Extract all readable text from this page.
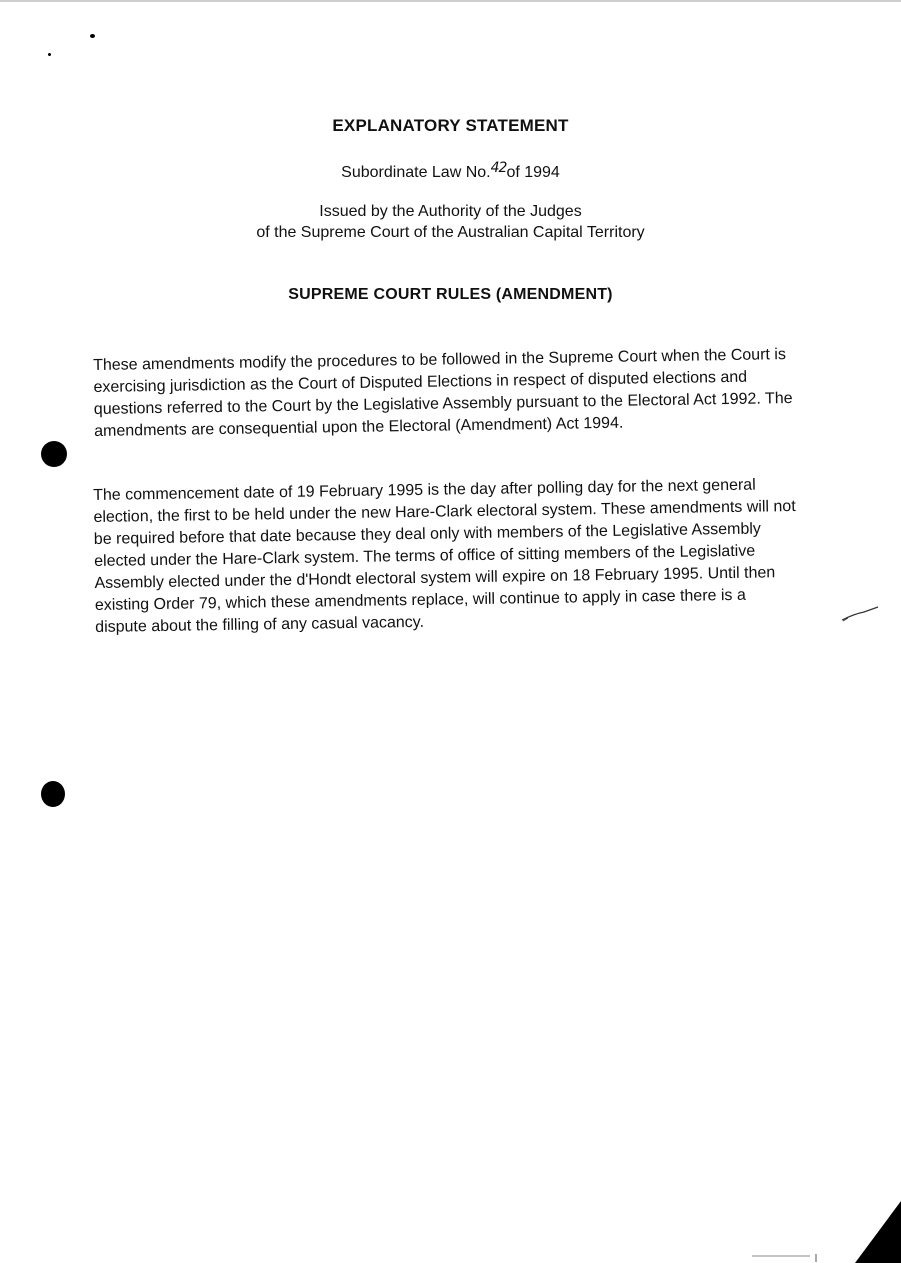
EXPLANATORY STATEMENT
Subordinate Law No.42of 1994
Issued by the Authority of the Judges
of the Supreme Court of the Australian Capital Territory
SUPREME COURT RULES (AMENDMENT)

These amendments modify the procedures to be followed in the Supreme Court when the Court is exercising jurisdiction as the Court of Disputed Elections in respect of disputed elections and questions referred to the Court by the Legislative Assembly pursuant to the Electoral Act 1992. The amendments are consequential upon the Electoral (Amendment) Act 1994.

The commencement date of 19 February 1995 is the day after polling day for the next general election, the first to be held under the new Hare-Clark electoral system. These amendments will not be required before that date because they deal only with members of the Legislative Assembly elected under the Hare-Clark system. The terms of office of sitting members of the Legislative Assembly elected under the d'Hondt electoral system will expire on 18 February 1995. Until then existing Order 79, which these amendments replace, will continue to apply in case there is a dispute about the filling of any casual vacancy.
